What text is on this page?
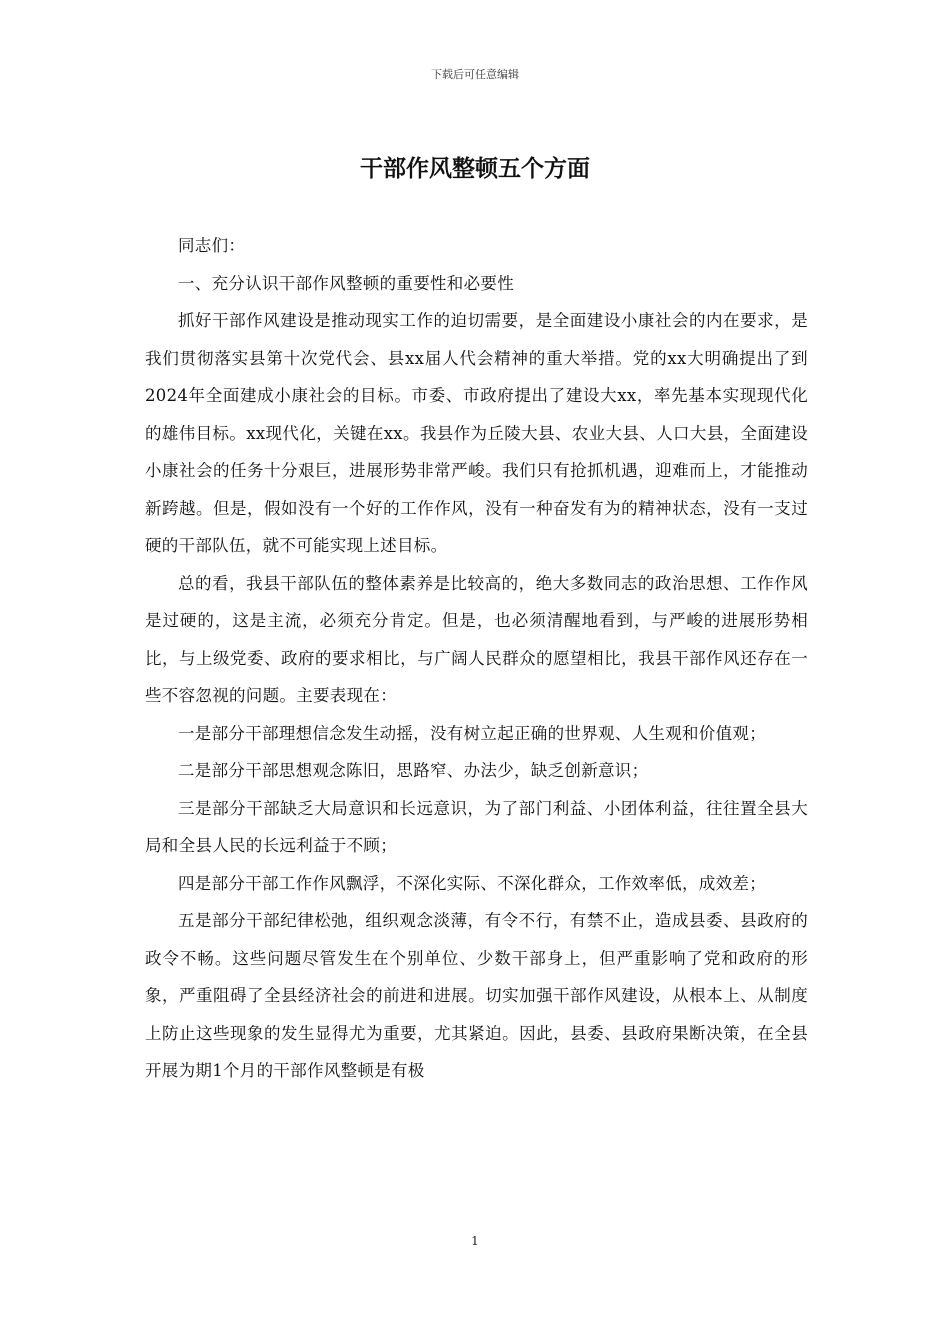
下载后可任意编辑
干部作风整顿五个方面

同志们：

一、充分认识干部作风整顿的重要性和必要性

抓好干部作风建设是推动现实工作的迫切需要，是全面建设小康社会的内在要求，是我们贯彻落实县第十次党代会、县xx届人代会精神的重大举措。党的xx大明确提出了到2024年全面建成小康社会的目标。市委、市政府提出了建设大xx，率先基本实现现代化的雄伟目标。xx现代化，关键在xx。我县作为丘陵大县、农业大县、人口大县，全面建设小康社会的任务十分艰巨，进展形势非常严峻。我们只有抢抓机遇，迎难而上，才能推动新跨越。但是，假如没有一个好的工作作风，没有一种奋发有为的精神状态，没有一支过硬的干部队伍，就不可能实现上述目标。

总的看，我县干部队伍的整体素养是比较高的，绝大多数同志的政治思想、工作作风是过硬的，这是主流，必须充分肯定。但是，也必须清醒地看到，与严峻的进展形势相比，与上级党委、政府的要求相比，与广阔人民群众的愿望相比，我县干部作风还存在一些不容忽视的问题。主要表现在：

一是部分干部理想信念发生动摇，没有树立起正确的世界观、人生观和价值观；

二是部分干部思想观念陈旧，思路窄、办法少，缺乏创新意识；

三是部分干部缺乏大局意识和长远意识，为了部门利益、小团体利益，往往置全县大局和全县人民的长远利益于不顾；

四是部分干部工作作风飘浮，不深化实际、不深化群众，工作效率低，成效差；

五是部分干部纪律松弛，组织观念淡薄，有令不行，有禁不止，造成县委、县政府的政令不畅。这些问题尽管发生在个别单位、少数干部身上，但严重影响了党和政府的形象，严重阻碍了全县经济社会的前进和进展。切实加强干部作风建设，从根本上、从制度上防止这些现象的发生显得尤为重要，尤其紧迫。因此，县委、县政府果断决策，在全县开展为期1个月的干部作风整顿是有极

1
